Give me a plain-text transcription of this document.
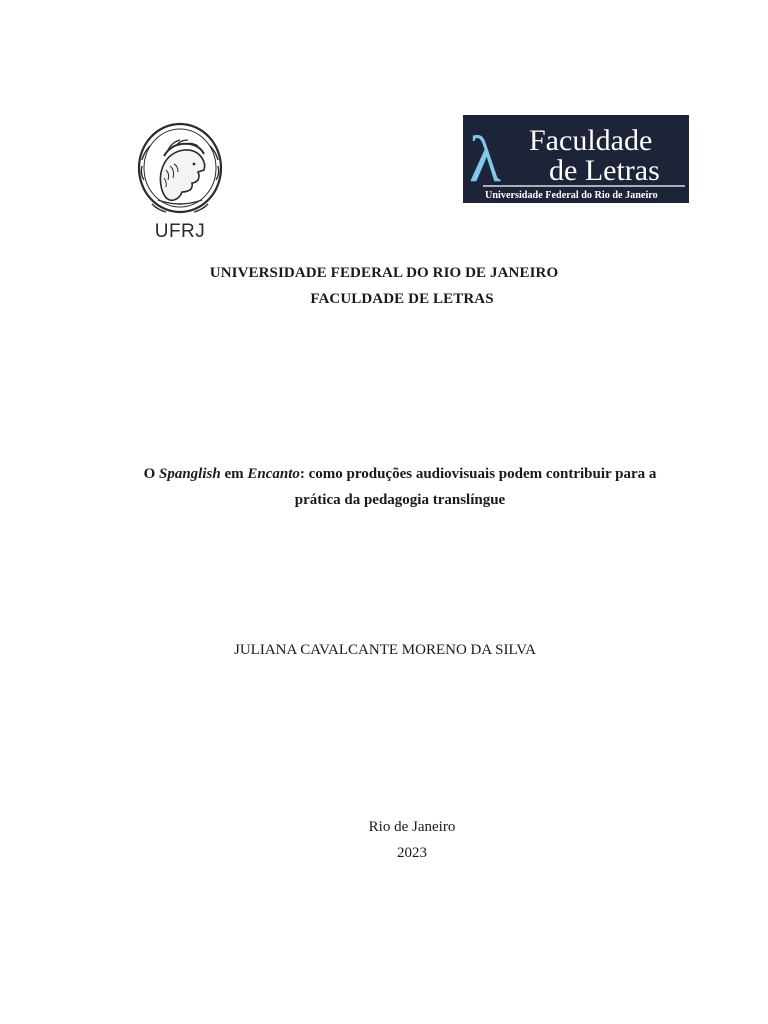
UFRJ
λ Faculdade
de Letras
Universidade Federal do Rio de Janeiro
UNIVERSIDADE FEDERAL DO RIO DE JANEIRO
FACULDADE DE LETRAS
O Spanglish em Encanto: como produções audiovisuais podem contribuir para a
prática da pedagogia translíngue
JULIANA CAVALCANTE MORENO DA SILVA
Rio de Janeiro
2023
